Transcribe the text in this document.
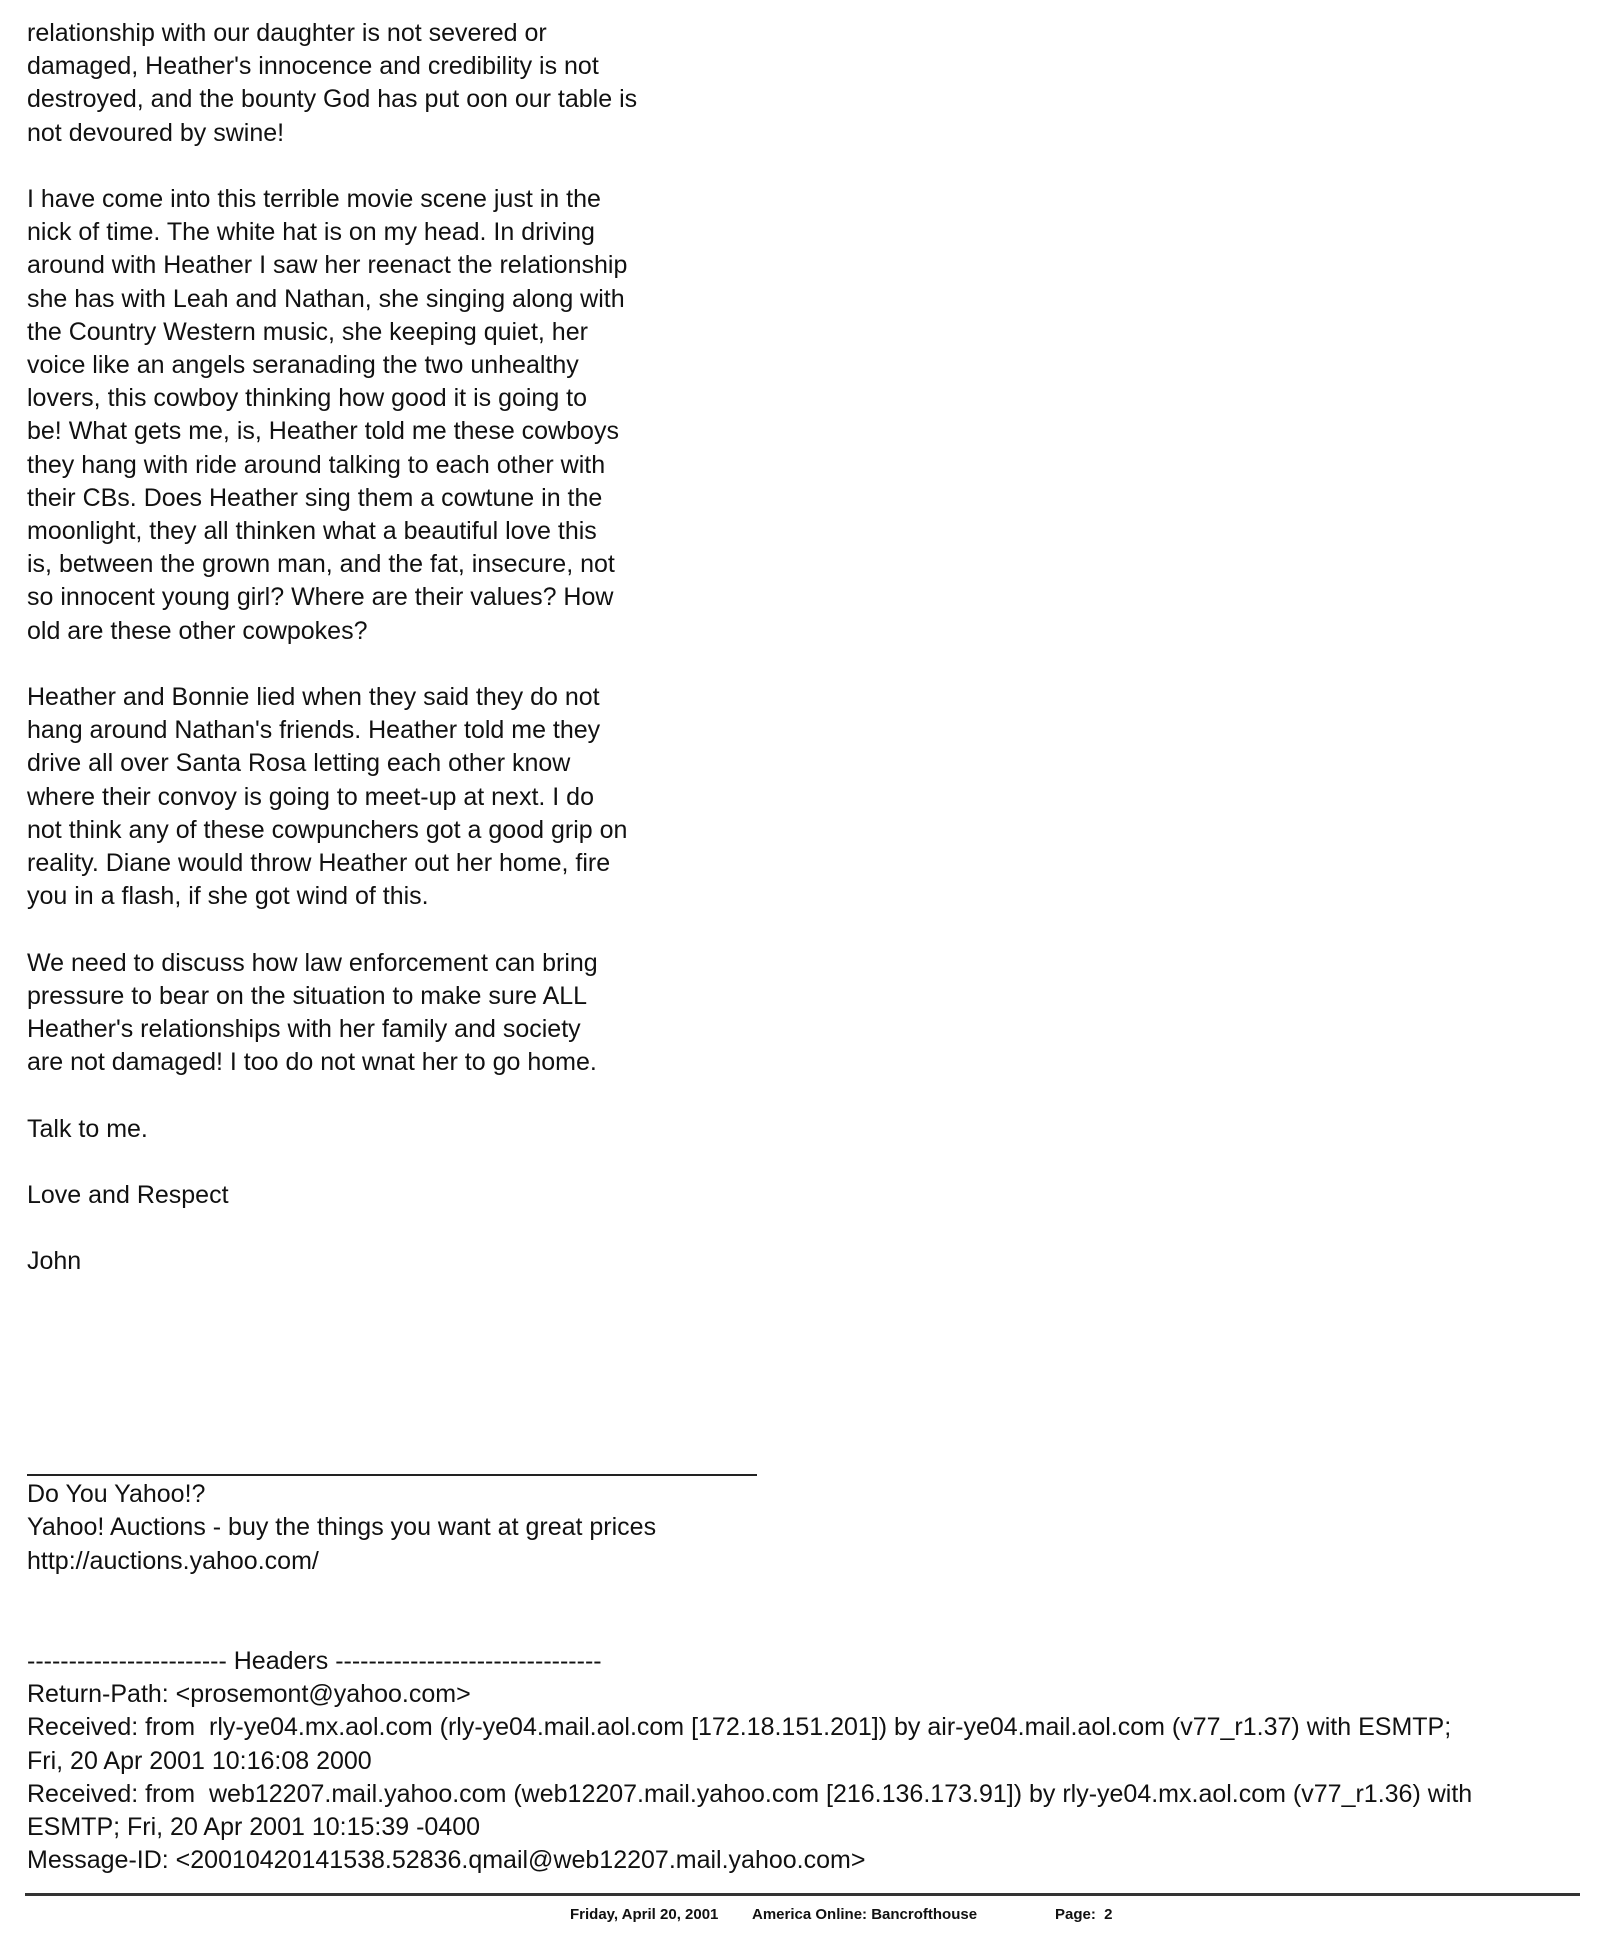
relationship with our daughter is not severed or
damaged, Heather's innocence and credibility is not
destroyed, and the bounty God has put oon our table is
not devoured by swine!
I have come into this terrible movie scene just in the
nick of time. The white hat is on my head. In driving
around with Heather I saw her reenact the relationship
she has with Leah and Nathan, she singing along with
the Country Western music, she keeping quiet, her
voice like an angels seranading the two unhealthy
lovers, this cowboy thinking how good it is going to
be! What gets me, is, Heather told me these cowboys
they hang with ride around talking to each other with
their CBs. Does Heather sing them a cowtune in the
moonlight, they all thinken what a beautiful love this
is, between the grown man, and the fat, insecure, not
so innocent young girl? Where are their values? How
old are these other cowpokes?
Heather and Bonnie lied when they said they do not
hang around Nathan's friends. Heather told me they
drive all over Santa Rosa letting each other know
where their convoy is going to meet-up at next. I do
not think any of these cowpunchers got a good grip on
reality. Diane would throw Heather out her home, fire
you in a flash, if she got wind of this.
We need to discuss how law enforcement can bring
pressure to bear on the situation to make sure ALL
Heather's relationships with her family and society
are not damaged! I too do not wnat her to go home.
Talk to me.
Love and Respect
John
Do You Yahoo!?
Yahoo! Auctions - buy the things you want at great prices
http://auctions.yahoo.com/
------------------------ Headers --------------------------------
Return-Path: <prosemont@yahoo.com>
Received: from  rly-ye04.mx.aol.com (rly-ye04.mail.aol.com [172.18.151.201]) by air-ye04.mail.aol.com (v77_r1.37) with ESMTP;
Fri, 20 Apr 2001 10:16:08 2000
Received: from  web12207.mail.yahoo.com (web12207.mail.yahoo.com [216.136.173.91]) by rly-ye04.mx.aol.com (v77_r1.36) with
ESMTP; Fri, 20 Apr 2001 10:15:39 -0400
Message-ID: <20010420141538.52836.qmail@web12207.mail.yahoo.com>
Friday, April 20, 2001 America Online: Bancrofthouse	Page:  2
